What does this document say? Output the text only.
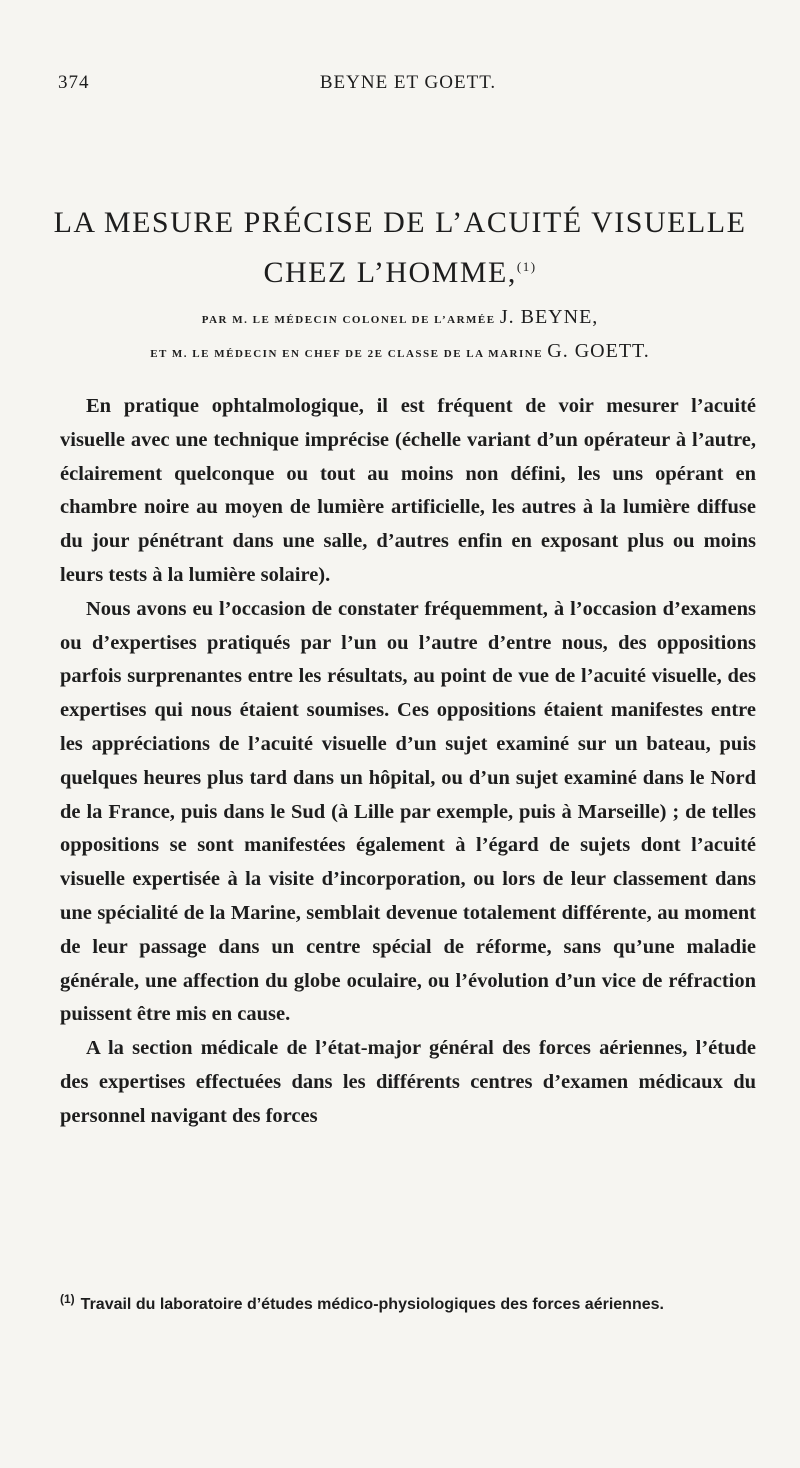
374	BEYNE ET GOETT.
LA MESURE PRÉCISE DE L’ACUITÉ VISUELLE
CHEZ L’HOMME,$^{(1)}$
PAR M. LE MÉDECIN COLONEL DE L’ARMÉE J. BEYNE,
ET M. LE MÉDECIN EN CHEF DE 2E CLASSE DE LA MARINE G. GOETT.

En pratique ophtalmologique, il est fréquent de voir mesurer l’acuité visuelle avec une technique imprécise (échelle variant d’un opérateur à l’autre, éclairement quelconque ou tout au moins non défini, les uns opérant en chambre noire au moyen de lumière artificielle, les autres à la lumière diffuse du jour pénétrant dans une salle, d’autres enfin en exposant plus ou moins leurs tests à la lumière solaire).

Nous avons eu l’occasion de constater fréquemment, à l’occasion d’examens ou d’expertises pratiqués par l’un ou l’autre d’entre nous, des oppositions parfois surprenantes entre les résultats, au point de vue de l’acuité visuelle, des expertises qui nous étaient soumises. Ces oppositions étaient manifestes entre les appréciations de l’acuité visuelle d’un sujet examiné sur un bateau, puis quelques heures plus tard dans un hôpital, ou d’un sujet examiné dans le Nord de la France, puis dans le Sud (à Lille par exemple, puis à Marseille) ; de telles oppositions se sont manifestées également à l’égard de sujets dont l’acuité visuelle expertisée à la visite d’incorporation, ou lors de leur classement dans une spécialité de la Marine, semblait devenue totalement différente, au moment de leur passage dans un centre spécial de réforme, sans qu’une maladie générale, une affection du globe oculaire, ou l’évolution d’un vice de réfraction puissent être mis en cause.

A la section médicale de l’état-major général des forces aériennes, l’étude des expertises effectuées dans les différents centres d’examen médicaux du personnel navigant des forces

$^{(1)}$ Travail du laboratoire d’études médico-physiologiques des forces aériennes.
